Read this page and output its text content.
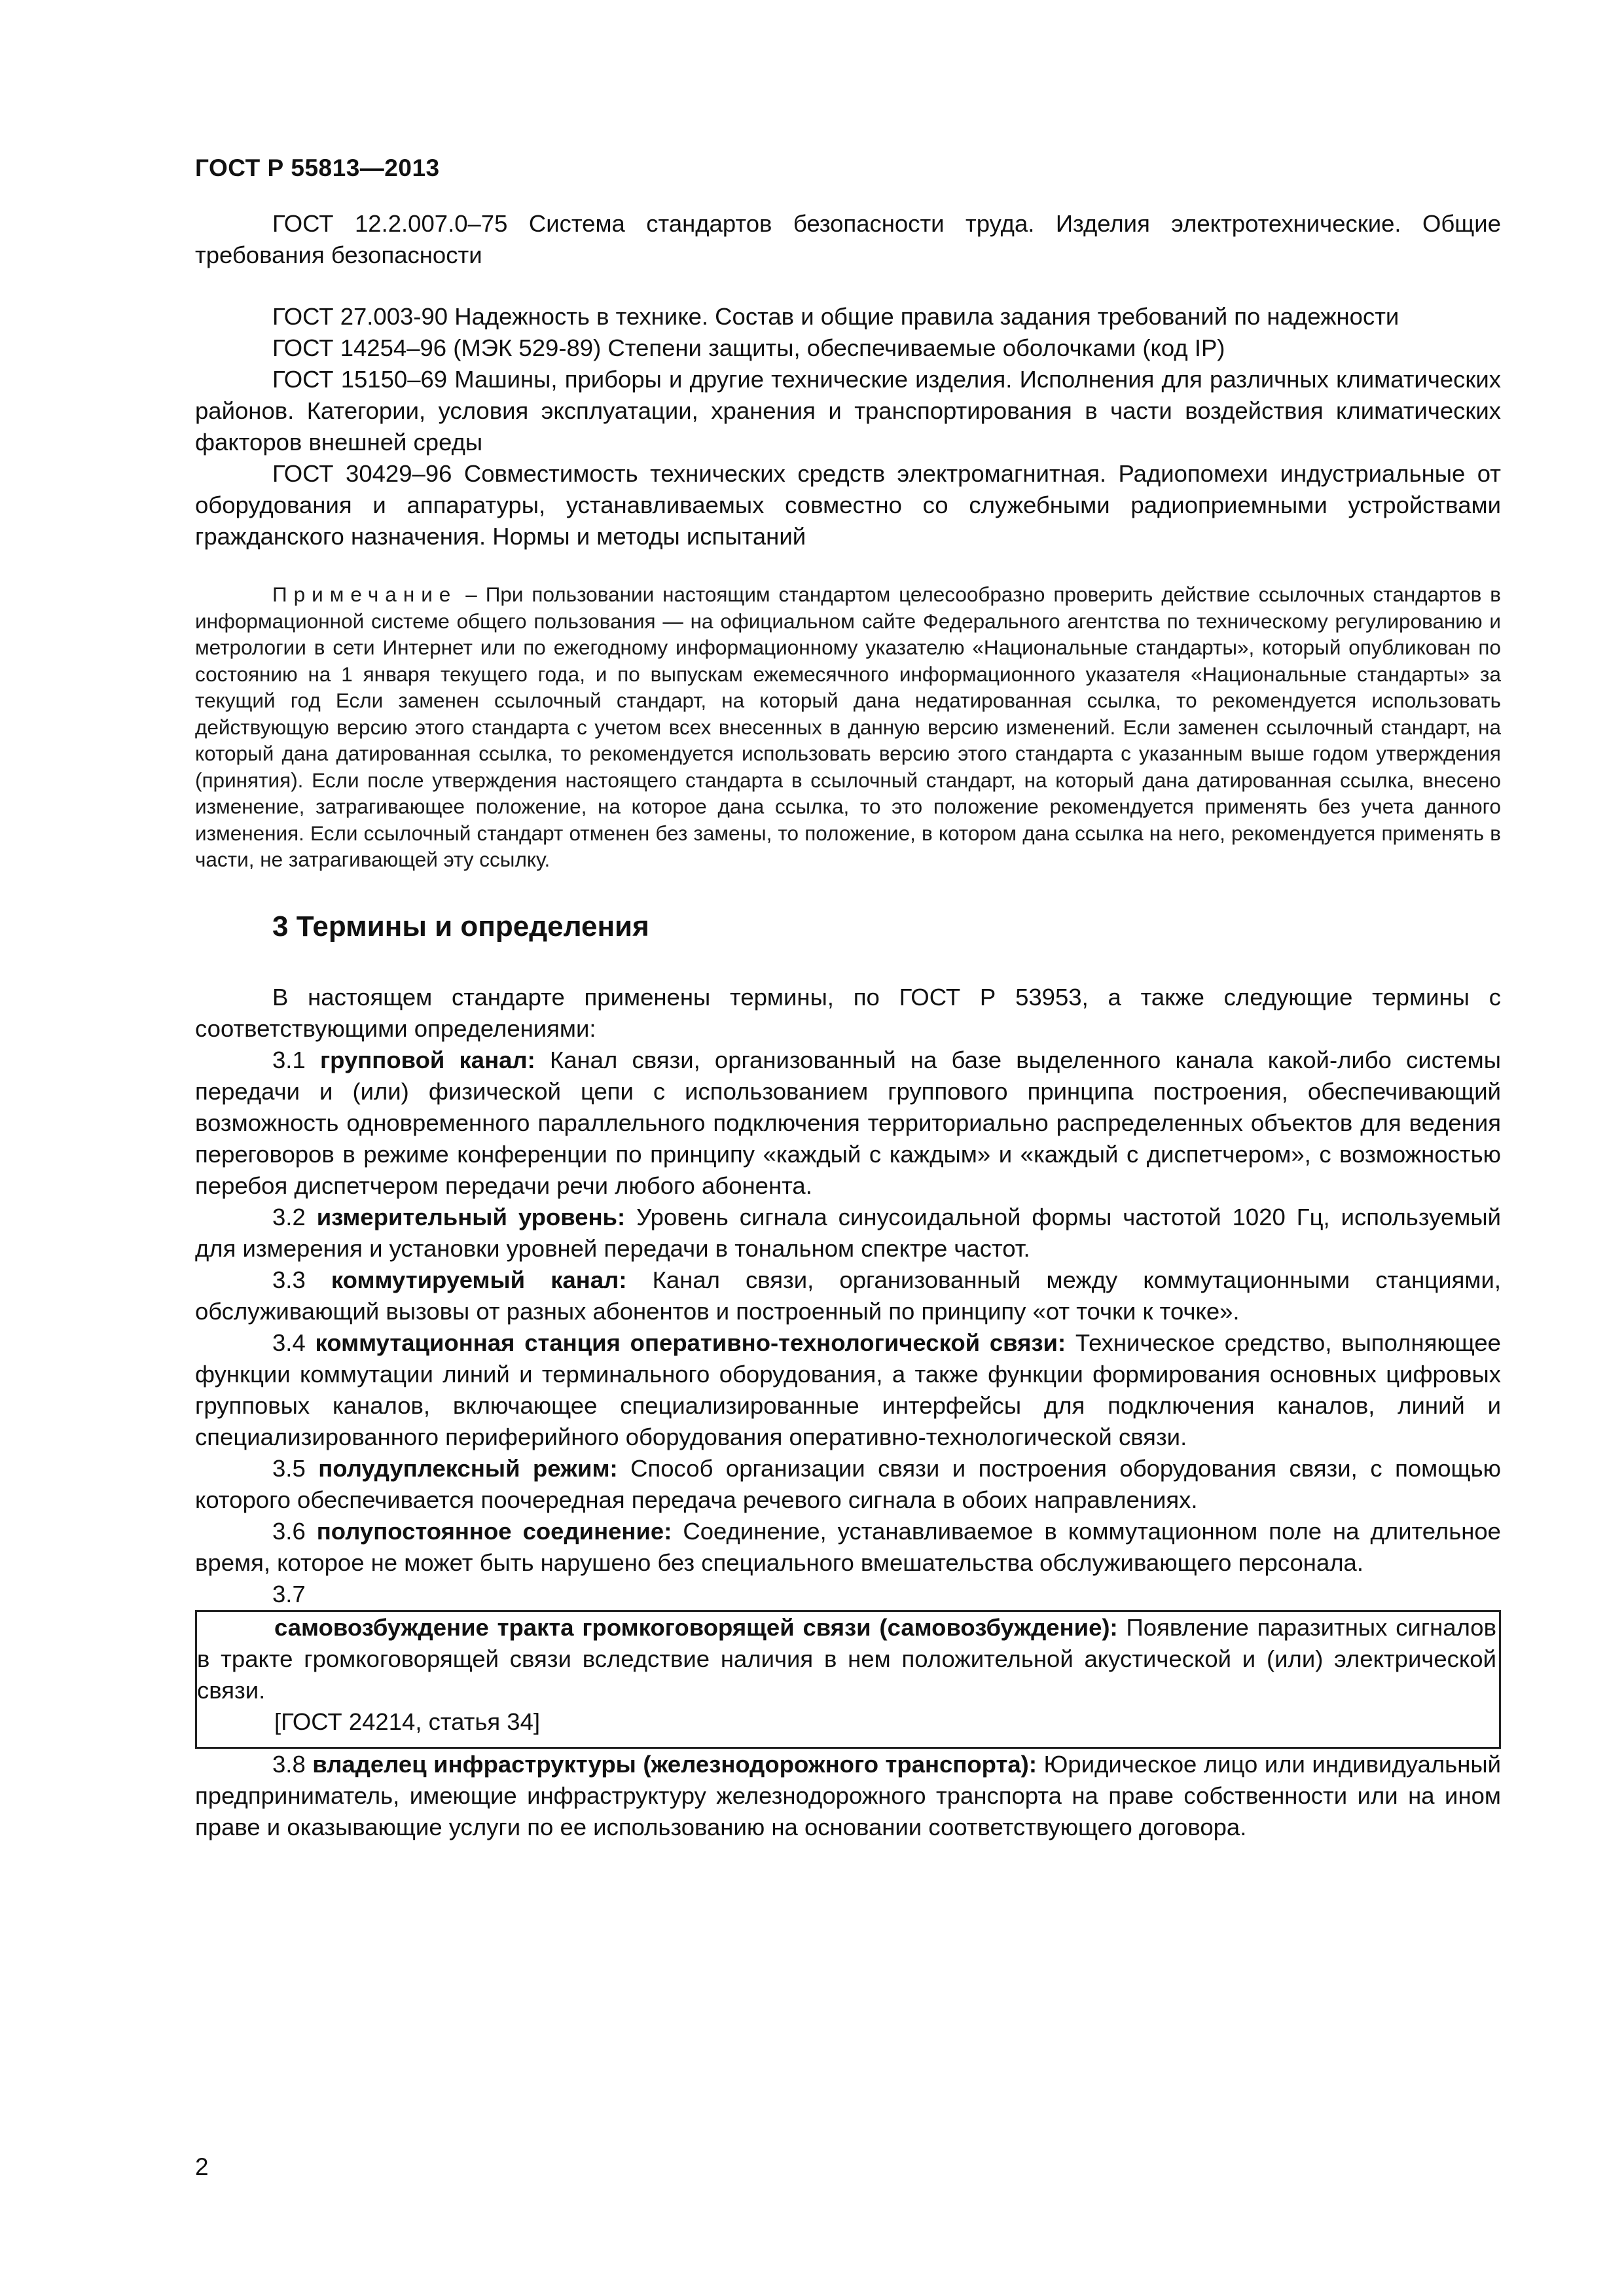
ГОСТ Р 55813—2013

ГОСТ 12.2.007.0–75 Система стандартов безопасности труда. Изделия электротехнические. Общие требования безопасности

ГОСТ 27.003-90 Надежность в технике. Состав и общие правила задания требований по надежности

ГОСТ 14254–96 (МЭК 529-89) Степени защиты, обеспечиваемые оболочками (код IP)

ГОСТ 15150–69 Машины, приборы и другие технические изделия. Исполнения для различных климатических районов. Категории, условия эксплуатации, хранения и транспортирования в части воздействия климатических факторов внешней среды

ГОСТ 30429–96 Совместимость технических средств электромагнитная. Радиопомехи индустриальные от оборудования и аппаратуры, устанавливаемых совместно со служебными радиоприемными устройствами гражданского назначения. Нормы и методы испытаний

Примечание – При пользовании настоящим стандартом целесообразно проверить действие ссылочных стандартов в информационной системе общего пользования — на официальном сайте Федерального агентства по техническому регулированию и метрологии в сети Интернет или по ежегодному информационному указателю «Национальные стандарты», который опубликован по состоянию на 1 января текущего года, и по выпускам ежемесячного информационного указателя «Национальные стандарты» за текущий год Если заменен ссылочный стандарт, на который дана недатированная ссылка, то рекомендуется использовать действующую версию этого стандарта с учетом всех внесенных в данную версию изменений. Если заменен ссылочный стандарт, на который дана датированная ссылка, то рекомендуется использовать версию этого стандарта с указанным выше годом утверждения (принятия). Если после утверждения настоящего стандарта в ссылочный стандарт, на который дана датированная ссылка, внесено изменение, затрагивающее положение, на которое дана ссылка, то это положение рекомендуется применять без учета данного изменения. Если ссылочный стандарт отменен без замены, то положение, в котором дана ссылка на него, рекомендуется применять в части, не затрагивающей эту ссылку.

3 Термины и определения

В настоящем стандарте применены термины, по ГОСТ Р 53953, а также следующие термины с соответствующими определениями:

3.1 групповой канал: Канал связи, организованный на базе выделенного канала какой-либо системы передачи и (или) физической цепи с использованием группового принципа построения, обеспечивающий возможность одновременного параллельного подключения территориально распределенных объектов для ведения переговоров в режиме конференции по принципу «каждый с каждым» и «каждый с диспетчером», с возможностью перебоя диспетчером передачи речи любого абонента.

3.2 измерительный уровень: Уровень сигнала синусоидальной формы частотой 1020 Гц, используемый для измерения и установки уровней передачи в тональном спектре частот.

3.3 коммутируемый канал: Канал связи, организованный между коммутационными станциями, обслуживающий вызовы от разных абонентов и построенный по принципу «от точки к точке».

3.4 коммутационная станция оперативно-технологической связи: Техническое средство, выполняющее функции коммутации линий и терминального оборудования, а также функции формирования основных цифровых групповых каналов, включающее специализированные интерфейсы для подключения каналов, линий и специализированного периферийного оборудования оперативно-технологической связи.

3.5 полудуплексный режим: Способ организации связи и построения оборудования связи, с помощью которого обеспечивается поочередная передача речевого сигнала в обоих направлениях.

3.6 полупостоянное соединение: Соединение, устанавливаемое в коммутационном поле на длительное время, которое не может быть нарушено без специального вмешательства обслуживающего персонала.

3.7

самовозбуждение тракта громкоговорящей связи (самовозбуждение): Появление паразитных сигналов в тракте громкоговорящей связи вследствие наличия в нем положительной акустической и (или) электрической связи.

[ГОСТ 24214, статья 34]

3.8 владелец инфраструктуры (железнодорожного транспорта): Юридическое лицо или индивидуальный предприниматель, имеющие инфраструктуру железнодорожного транспорта на праве собственности или на ином праве и оказывающие услуги по ее использованию на основании соответствующего договора.

2
